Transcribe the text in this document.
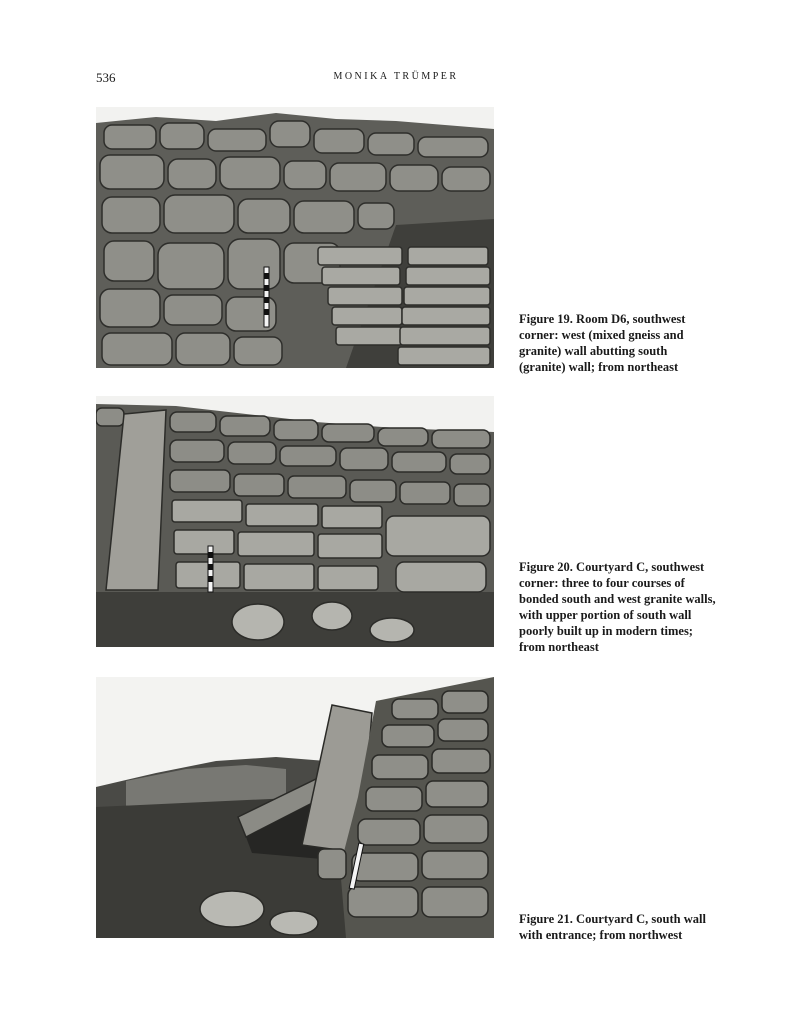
536	MONIKA TRÜMPER

Figure 19. Room D6, southwest
corner: west (mixed gneiss and
granite) wall abutting south
(granite) wall; from northeast

Figure 20. Courtyard C, southwest
corner: three to four courses of
bonded south and west granite walls,
with upper portion of south wall
poorly built up in modern times;
from northeast

Figure 21. Courtyard C, south wall
with entrance; from northwest
